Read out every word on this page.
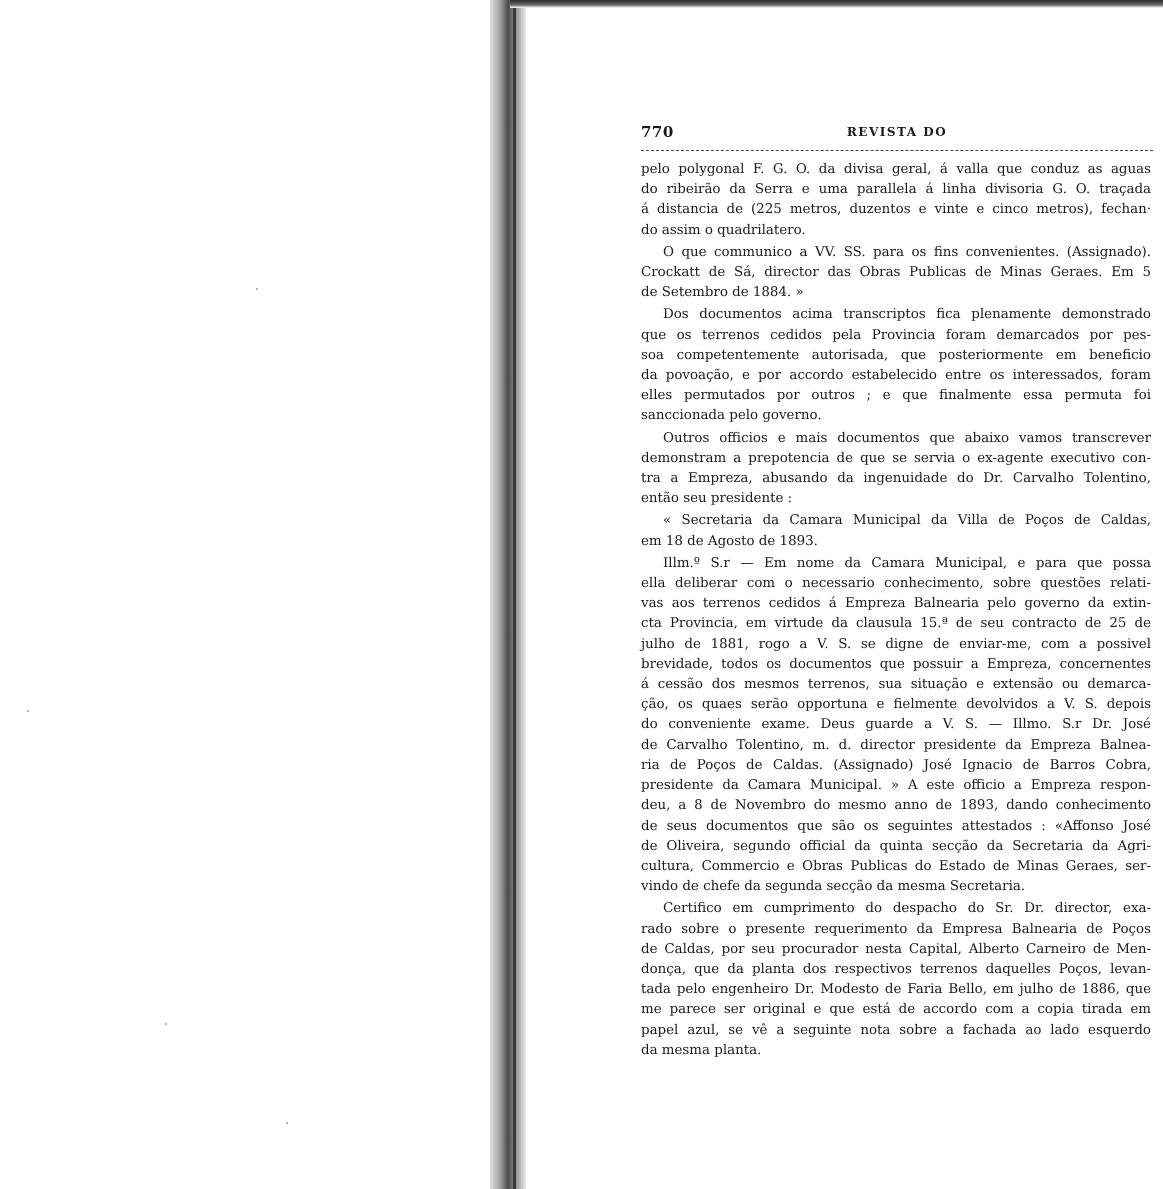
770	REVISTA DO

pelo polygonal F. G. O. da divisa geral, á valla que conduz as aguas
do ribeirão da Serra e uma parallela á linha divisoria G. O. traçada
á distancia de (225 metros, duzentos e vinte e cinco metros), fechan·
do assim o quadrilatero.

O que communico a VV. SS. para os fins convenientes. (Assignado).
Crockatt de Sá, director das Obras Publicas de Minas Geraes. Em 5
de Setembro de 1884. »

Dos documentos acima transcriptos fica plenamente demonstrado
que os terrenos cedidos pela Provincia foram demarcados por pes-
soa competentemente autorisada, que posteriormente em beneficio
da povoação, e por accordo estabelecido entre os interessados, foram
elles permutados por outros ; e que finalmente essa permuta foi
sanccionada pelo governo.

Outros officios e mais documentos que abaixo vamos transcrever
demonstram a prepotencia de que se servia o ex-agente executivo con-
tra a Empreza, abusando da ingenuidade do Dr. Carvalho Tolentino,
então seu presidente :

« Secretaria da Camara Municipal da Villa de Poços de Caldas,
em 18 de Agosto de 1893.

Illm.º S.r — Em nome da Camara Municipal, e para que possa
ella deliberar com o necessario conhecimento, sobre questões relati-
vas aos terrenos cedidos á Empreza Balnearia pelo governo da extin-
cta Provincia, em virtude da clausula 15.ª de seu contracto de 25 de
julho de 1881, rogo a V. S. se digne de enviar-me, com a possivel
brevidade, todos os documentos que possuir a Empreza, concernentes
á cessão dos mesmos terrenos, sua situação e extensão ou demarca-
ção, os quaes serão opportuna e fielmente devolvidos a V. S. depois
do conveniente exame. Deus guarde a V. S. — Illmo. S.r Dr. José
de Carvalho Tolentino, m. d. director presidente da Empreza Balnea-
ria de Poços de Caldas. (Assignado) José Ignacio de Barros Cobra,
presidente da Camara Municipal. » A este officio a Empreza respon-
deu, a 8 de Novembro do mesmo anno de 1893, dando conhecimento
de seus documentos que são os seguintes attestados : «Affonso José
de Oliveira, segundo official da quinta secção da Secretaria da Agri-
cultura, Commercio e Obras Publicas do Estado de Minas Geraes, ser-
vindo de chefe da segunda secção da mesma Secretaria.

Certifico em cumprimento do despacho do Sr. Dr. director, exa-
rado sobre o presente requerimento da Empresa Balnearia de Poços
de Caldas, por seu procurador nesta Capital, Alberto Carneiro de Men-
donça, que da planta dos respectivos terrenos daquelles Poços, levan-
tada pelo engenheiro Dr. Modesto de Faria Bello, em julho de 1886, que
me parece ser original e que está de accordo com a copia tirada em
papel azul, se vê a seguinte nota sobre a fachada ao lado esquerdo
da mesma planta.
